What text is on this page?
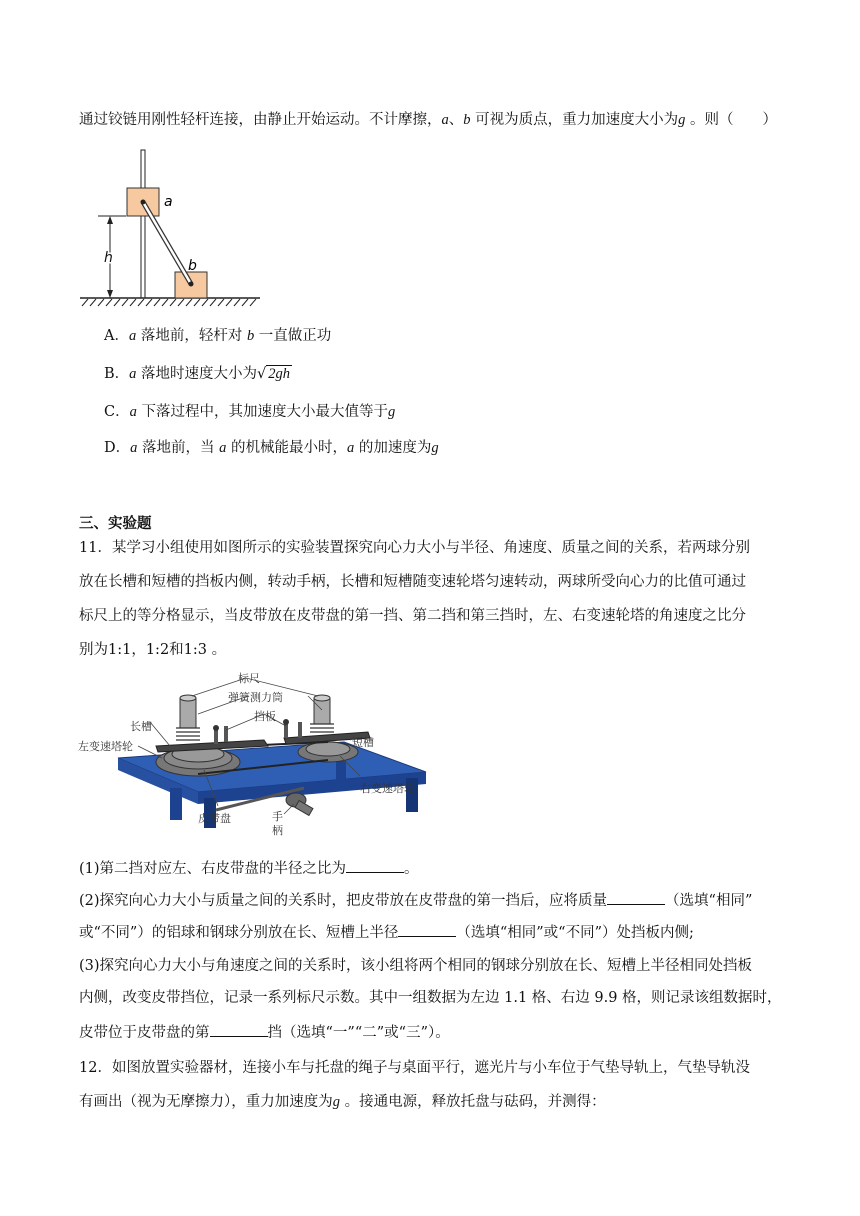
通过铰链用刚性轻杆连接，由静止开始运动。不计摩擦，a、b 可视为质点，重力加速度大小为g 。则（　　）
a
b
h
A．a 落地前，轻杆对 b 一直做正功
B．a 落地时速度大小为√ 2gh
C．a 下落过程中，其加速度大小最大值等于g
D．a 落地前，当 a 的机械能最小时，a 的加速度为g
三、实验题
11．某学习小组使用如图所示的实验装置探究向心力大小与半径、角速度、质量之间的关系，若两球分别
放在长槽和短槽的挡板内侧，转动手柄，长槽和短槽随变速轮塔匀速转动，两球所受向心力的比值可通过
标尺上的等分格显示，当皮带放在皮带盘的第一挡、第二挡和第三挡时，左、右变速轮塔的角速度之比分
别为1:1，1:2和1:3 。
标尺
弹簧测力筒
挡板
长槽
左变速塔轮	短槽
右变速塔轮
皮带盘	手
柄
(1)第二挡对应左、右皮带盘的半径之比为	。
(2)探究向心力大小与质量之间的关系时，把皮带放在皮带盘的第一挡后，应将质量	（选填“相同”
或“不同”）的铝球和钢球分别放在长、短槽上半径	（选填“相同”或“不同”）处挡板内侧;
(3)探究向心力大小与角速度之间的关系时，该小组将两个相同的钢球分别放在长、短槽上半径相同处挡板
内侧，改变皮带挡位，记录一系列标尺示数。其中一组数据为左边 1.1 格、右边 9.9 格，则记录该组数据时，
皮带位于皮带盘的第	挡（选填“一”“二”或“三”）。
12．如图放置实验器材，连接小车与托盘的绳子与桌面平行，遮光片与小车位于气垫导轨上，气垫导轨没
有画出（视为无摩擦力），重力加速度为g 。接通电源，释放托盘与砝码，并测得：
